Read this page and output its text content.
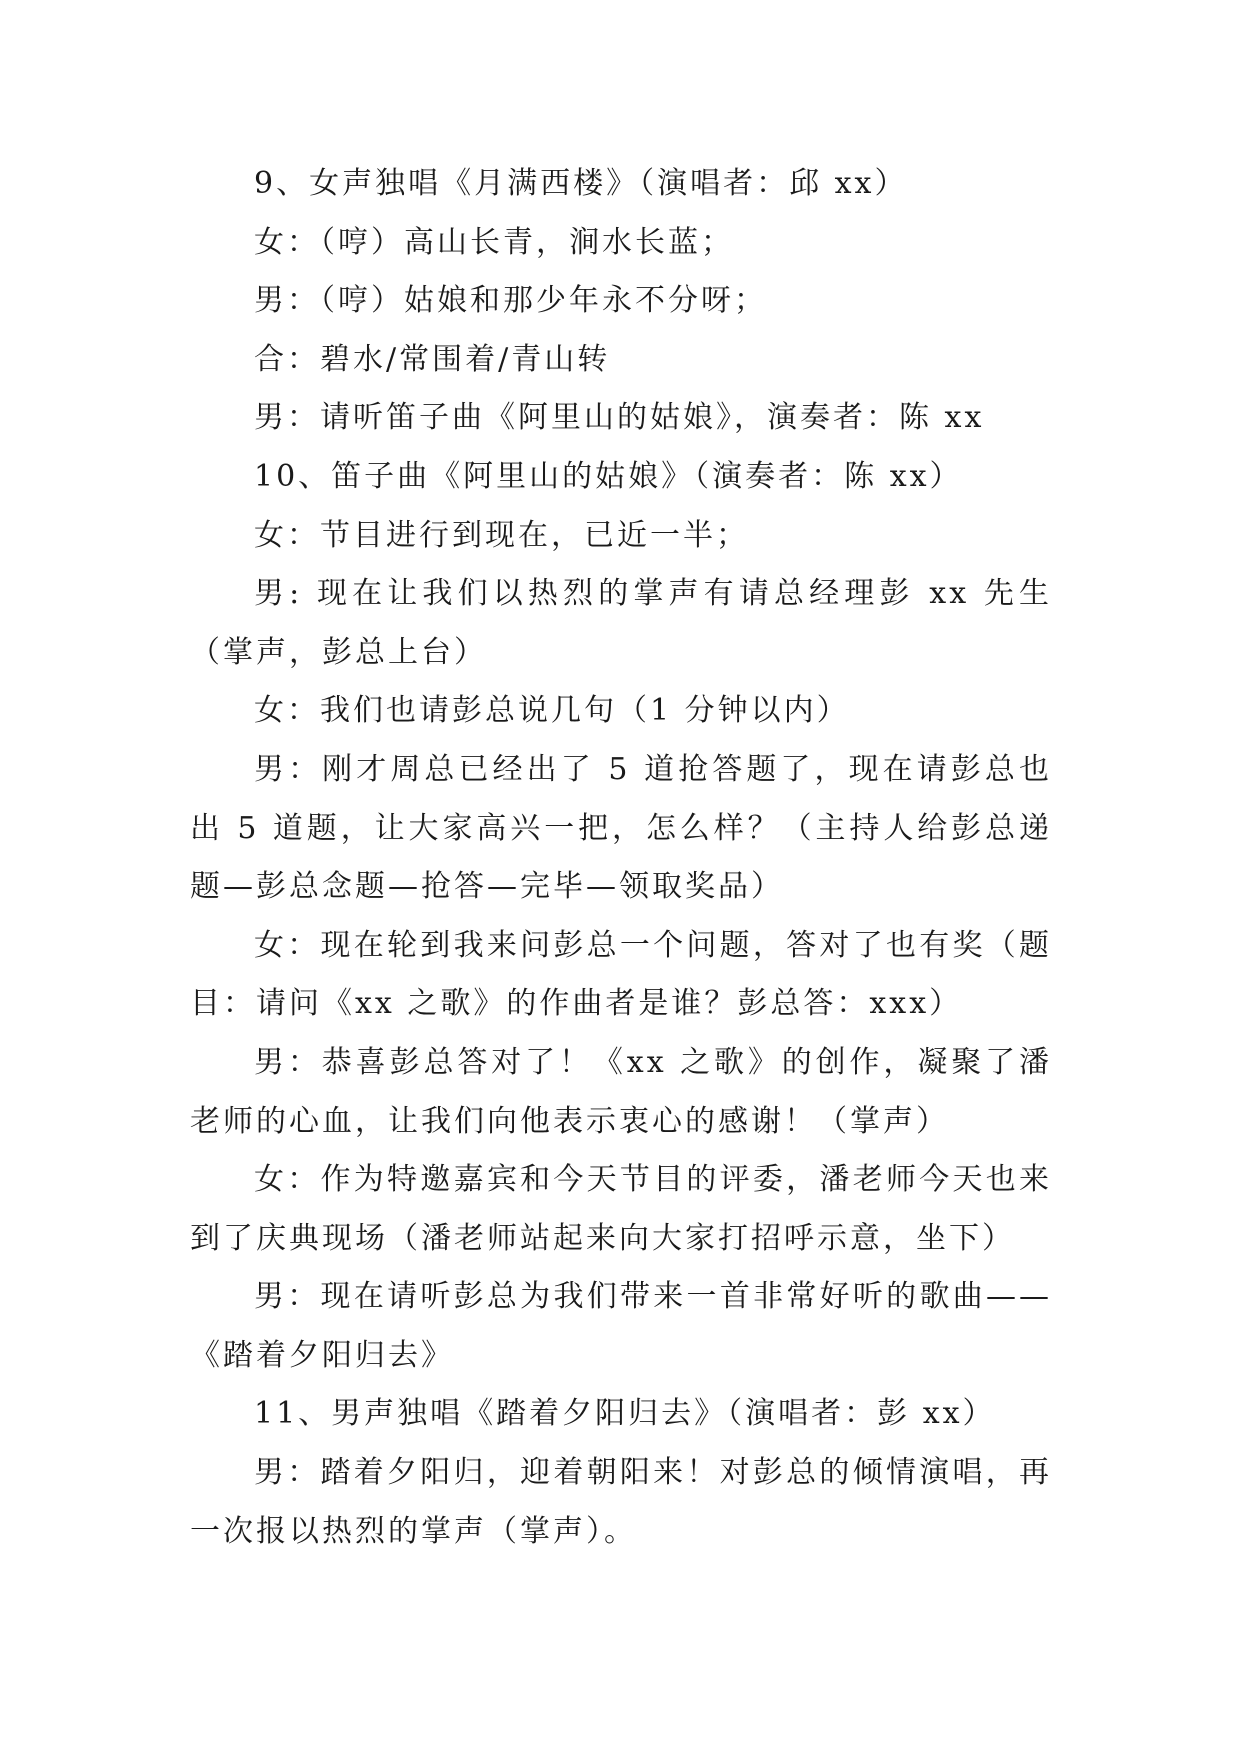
9、女声独唱《月满西楼》（演唱者：邱 xx）

女：（哼）高山长青，涧水长蓝；

男：（哼）姑娘和那少年永不分呀；

合：碧水/常围着/青山转

男：请听笛子曲《阿里山的姑娘》，演奏者：陈 xx

10、笛子曲《阿里山的姑娘》（演奏者：陈 xx）

女：节目进行到现在，已近一半；

男: 现在让我们以热烈的掌声有请总经理彭 xx 先生（掌声，彭总上台）

女：我们也请彭总说几句（1 分钟以内）

男：刚才周总已经出了 5 道抢答题了，现在请彭总也出 5 道题，让大家高兴一把，怎么样？（主持人给彭总递题—彭总念题—抢答—完毕—领取奖品）

女：现在轮到我来问彭总一个问题，答对了也有奖（题目：请问《xx 之歌》的作曲者是谁？彭总答：xxx）

男：恭喜彭总答对了！《xx 之歌》的创作，凝聚了潘老师的心血，让我们向他表示衷心的感谢！（掌声）

女：作为特邀嘉宾和今天节目的评委，潘老师今天也来到了庆典现场（潘老师站起来向大家打招呼示意，坐下）

男：现在请听彭总为我们带来一首非常好听的歌曲——《踏着夕阳归去》

11、男声独唱《踏着夕阳归去》（演唱者：彭 xx）

男：踏着夕阳归，迎着朝阳来！对彭总的倾情演唱，再一次报以热烈的掌声（掌声）。
